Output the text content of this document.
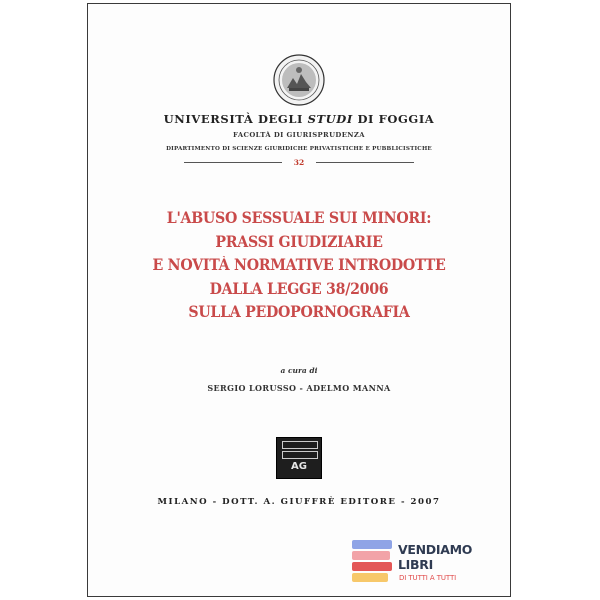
UNIVERSITÀ DEGLI STUDI DI FOGGIA
FACOLTÀ DI GIURISPRUDENZA
DIPARTIMENTO DI SCIENZE GIURIDICHE PRIVATISTICHE E PUBBLICISTICHE
32
L'ABUSO SESSUALE SUI MINORI:
PRASSI GIUDIZIARIE
E NOVITÀ NORMATIVE INTRODOTTE
DALLA LEGGE 38/2006
SULLA PEDOPORNOGRAFIA
a cura di
SERGIO LORUSSO - ADELMO MANNA
AG
MILANO - DOTT. A. GIUFFRÈ EDITORE - 2007
VENDIAMO
LIBRI
DI TUTTI A TUTTI
